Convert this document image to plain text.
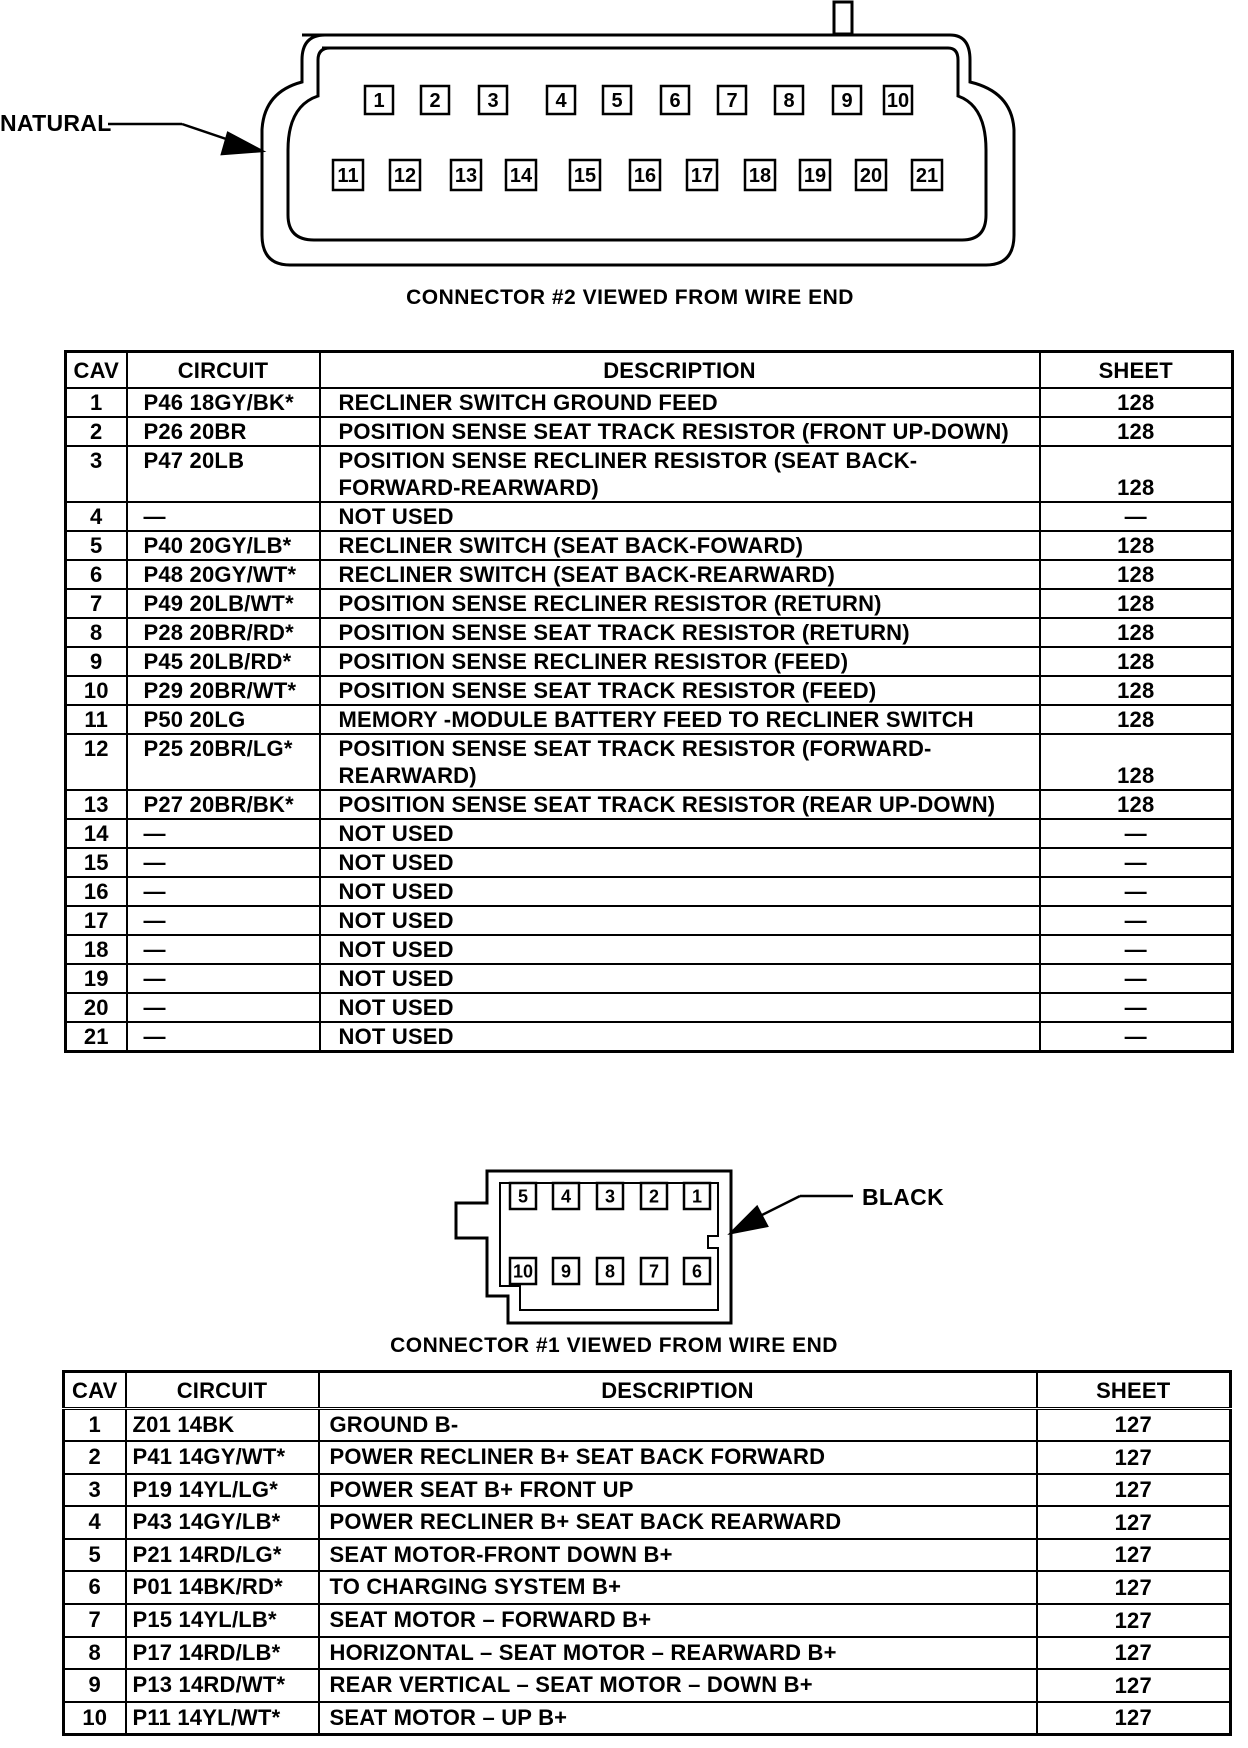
1 2 3	4 5 6 7 8 9 10
11 12 13 14 15 16 17 18 19 20 21
5 4 3 2 1
10 9 8 7 6
NATURAL
CONNECTOR #2 VIEWED FROM WIRE END
CAV	CIRCUIT	DESCRIPTION	SHEET
1	P46 18GY/BK*	RECLINER SWITCH GROUND FEED	128
2	P26 20BR	POSITION SENSE SEAT TRACK RESISTOR (FRONT UP-DOWN)	128
3	P47 20LB	POSITION SENSE RECLINER RESISTOR (SEAT BACK-FORWARD-REARWARD)	128
4	—	NOT USED	—
5	P40 20GY/LB*	RECLINER SWITCH (SEAT BACK-FOWARD)	128
6	P48 20GY/WT*	RECLINER SWITCH (SEAT BACK-REARWARD)	128
7	P49 20LB/WT*	POSITION SENSE RECLINER RESISTOR (RETURN)	128
8	P28 20BR/RD*	POSITION SENSE SEAT TRACK RESISTOR (RETURN)	128
9	P45 20LB/RD*	POSITION SENSE RECLINER RESISTOR (FEED)	128
10	P29 20BR/WT*	POSITION SENSE SEAT TRACK RESISTOR (FEED)	128
11	P50 20LG	MEMORY -MODULE BATTERY FEED TO RECLINER SWITCH	128
12	P25 20BR/LG*	POSITION SENSE SEAT TRACK RESISTOR (FORWARD-REARWARD)	128
13	P27 20BR/BK*	POSITION SENSE SEAT TRACK RESISTOR (REAR UP-DOWN)	128
14	—	NOT USED	—
15	—	NOT USED	—
16	—	NOT USED	—
17	—	NOT USED	—
18	—	NOT USED	—
19	—	NOT USED	—
20	—	NOT USED	—
21	—	NOT USED	—
BLACK
CONNECTOR #1 VIEWED FROM WIRE END
CAV	CIRCUIT	DESCRIPTION	SHEET
1	Z01 14BK	GROUND B-	127
2	P41 14GY/WT*	POWER RECLINER B+ SEAT BACK FORWARD	127
3	P19 14YL/LG*	POWER SEAT B+ FRONT UP	127
4	P43 14GY/LB*	POWER RECLINER B+ SEAT BACK REARWARD	127
5	P21 14RD/LG*	SEAT MOTOR-FRONT DOWN B+	127
6	P01 14BK/RD*	TO CHARGING SYSTEM B+	127
7	P15 14YL/LB*	SEAT MOTOR – FORWARD B+	127
8	P17 14RD/LB*	HORIZONTAL – SEAT MOTOR – REARWARD B+	127
9	P13 14RD/WT*	REAR VERTICAL – SEAT MOTOR – DOWN B+	127
10	P11 14YL/WT*	SEAT MOTOR – UP B+	127
